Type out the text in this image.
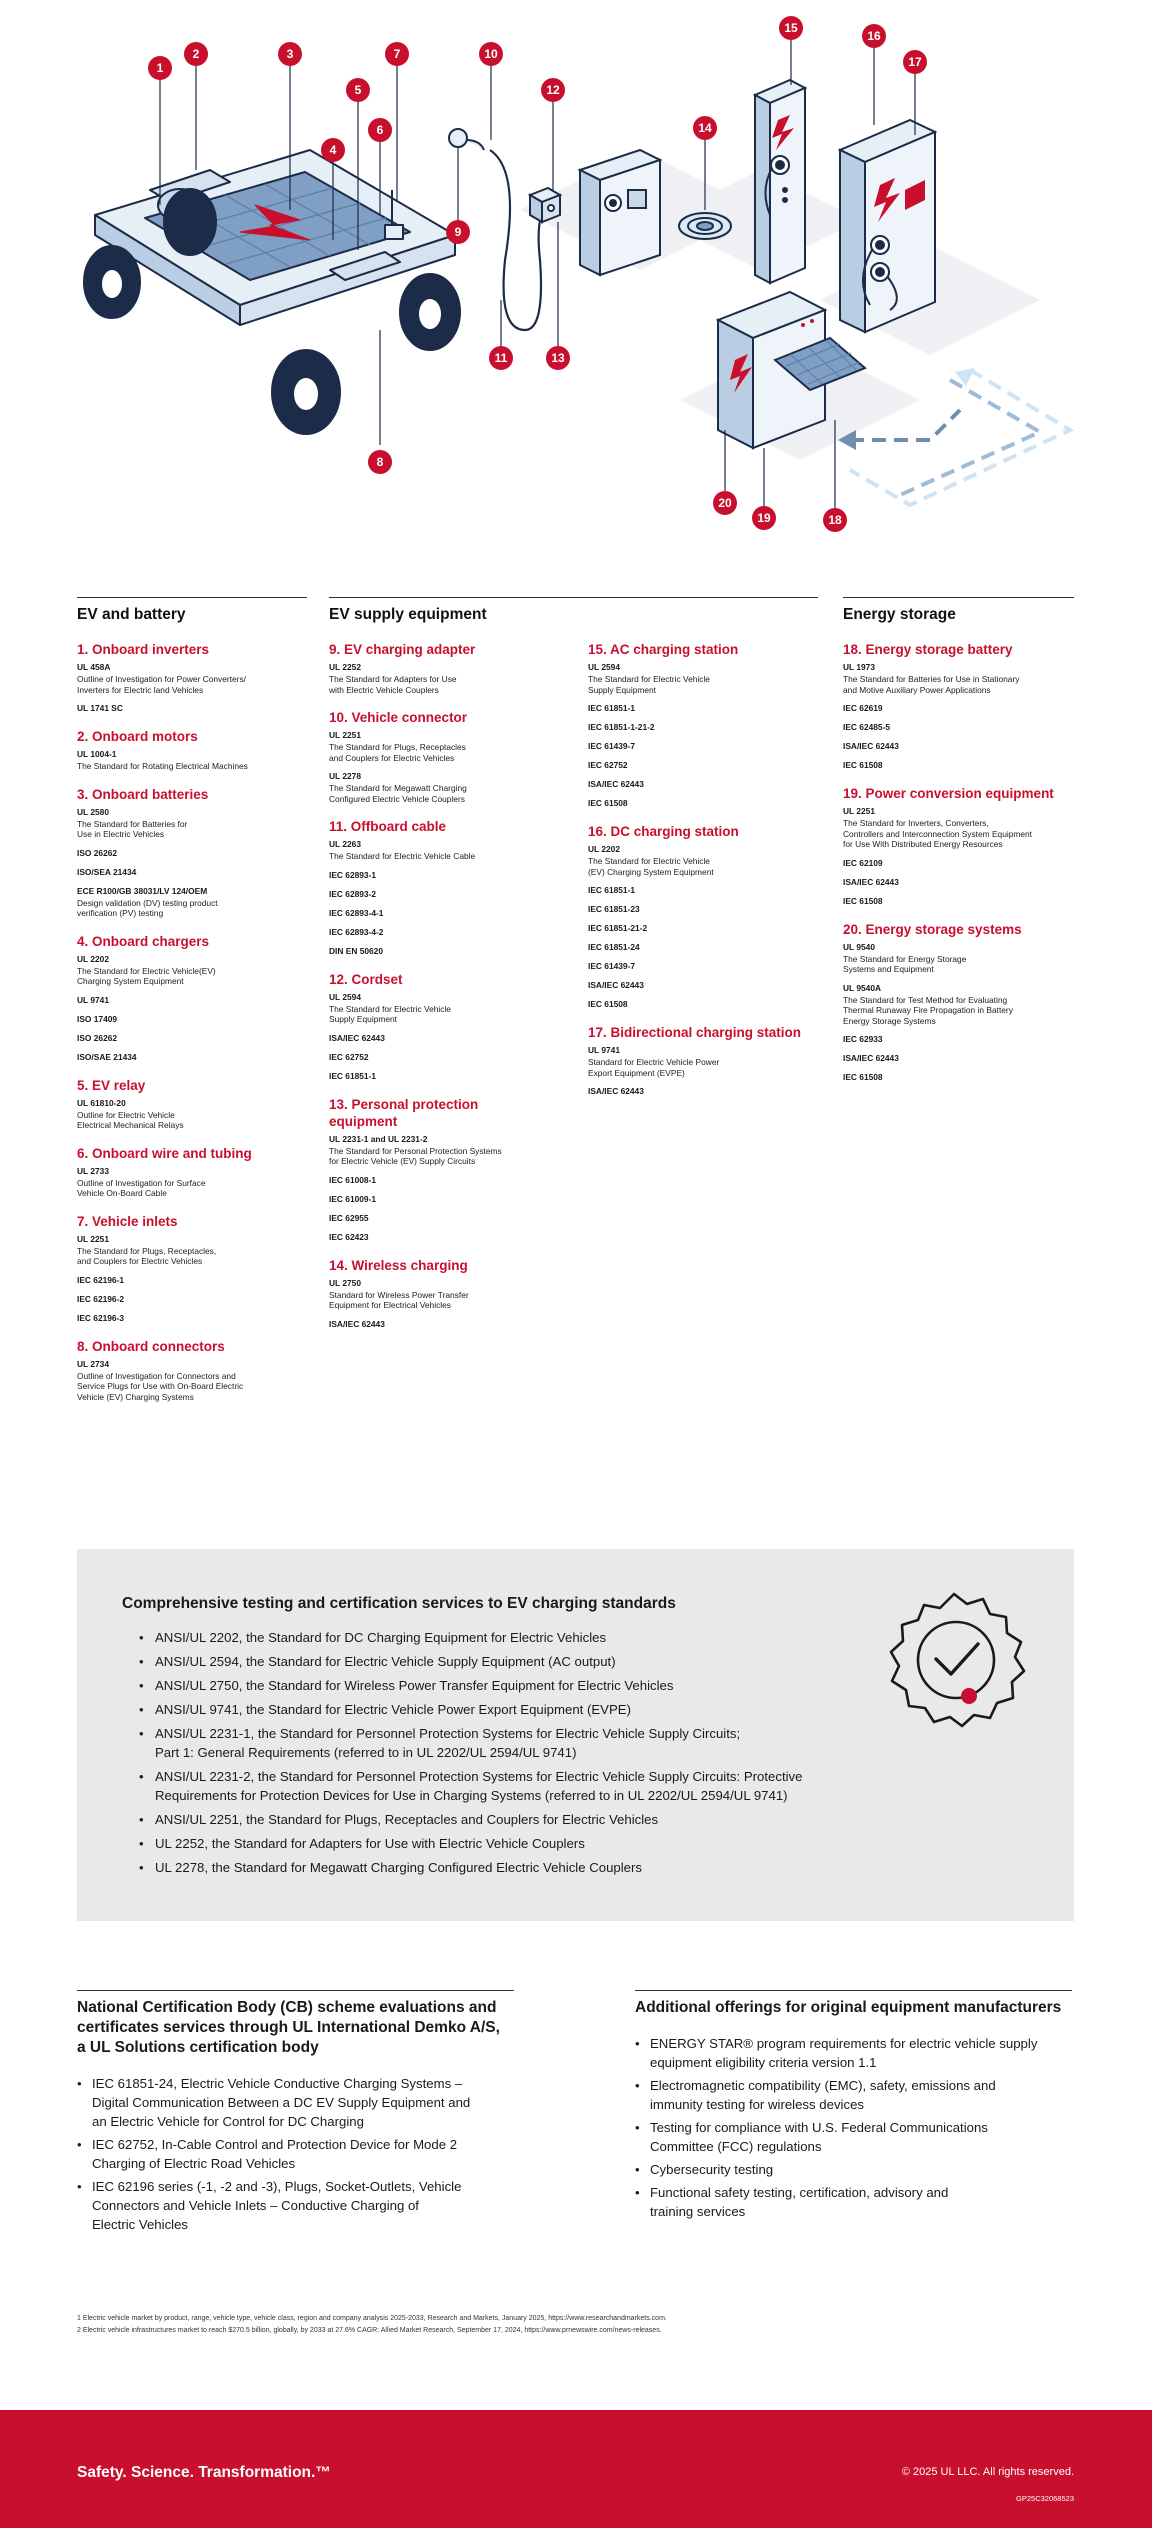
1
2	3
4
5
6
7
8
9
10
11
12
13
14
15
16
17
18
19
20
EV and battery
1. Onboard inverters
UL 458A
Outline of Investigation for Power Converters/
Inverters for Electric land Vehicles
UL 1741 SC
2. Onboard motors
UL 1004-1
The Standard for Rotating Electrical Machines
3. Onboard batteries
UL 2580
The Standard for Batteries for
Use in Electric Vehicles
ISO 26262
ISO/SEA 21434
ECE R100/GB 38031/LV 124/OEM
Design validation (DV) testing product
verification (PV) testing
4. Onboard chargers
UL 2202
The Standard for Electric Vehicle(EV)
Charging System Equipment
UL 9741
ISO 17409
ISO 26262
ISO/SAE 21434
5. EV relay
UL 61810-20
Outline for Electric Vehicle
Electrical Mechanical Relays
6. Onboard wire and tubing
UL 2733
Outline of Investigation for Surface
Vehicle On-Board Cable
7. Vehicle inlets
UL 2251
The Standard for Plugs, Receptacles,
and Couplers for Electric Vehicles
IEC 62196-1
IEC 62196-2
IEC 62196-3
8. Onboard connectors
UL 2734
Outline of Investigation for Connectors and
Service Plugs for Use with On-Board Electric
Vehicle (EV) Charging Systems
EV supply equipment
9. EV charging adapter
UL 2252
The Standard for Adapters for Use
with Electric Vehicle Couplers
10. Vehicle connector
UL 2251
The Standard for Plugs, Receptacles
and Couplers for Electric Vehicles
UL 2278
The Standard for Megawatt Charging
Configured Electric Vehicle Couplers
11. Offboard cable
UL 2263
The Standard for Electric Vehicle Cable
IEC 62893-1
IEC 62893-2
IEC 62893-4-1
IEC 62893-4-2
DIN EN 50620
12. Cordset
UL 2594
The Standard for Electric Vehicle
Supply Equipment
ISA/IEC 62443
IEC 62752
IEC 61851-1
13. Personal protection
equipment
UL 2231-1 and UL 2231-2
The Standard for Personal Protection Systems
for Electric Vehicle (EV) Supply Circuits
IEC 61008-1
IEC 61009-1
IEC 62955
IEC 62423
14. Wireless charging
UL 2750
Standard for Wireless Power Transfer
Equipment for Electrical Vehicles
ISA/IEC 62443
15. AC charging station
UL 2594
The Standard for Electric Vehicle
Supply Equipment
IEC 61851-1
IEC 61851-1-21-2
IEC 61439-7
IEC 62752
ISA/IEC 62443
IEC 61508
16. DC charging station
UL 2202
The Standard for Electric Vehicle
(EV) Charging System Equipment
IEC 61851-1
IEC 61851-23
IEC 61851-21-2
IEC 61851-24
IEC 61439-7
ISA/IEC 62443
IEC 61508
17. Bidirectional charging station
UL 9741
Standard for Electric Vehicle Power
Export Equipment (EVPE)
ISA/IEC 62443
Energy storage
18. Energy storage battery
UL 1973
The Standard for Batteries for Use in Stationary
and Motive Auxiliary Power Applications
IEC 62619
IEC 62485-5
ISA/IEC 62443
IEC 61508
19. Power conversion equipment
UL 2251
The Standard for Inverters, Converters,
Controllers and Interconnection System Equipment
for Use With Distributed Energy Resources
IEC 62109
ISA/IEC 62443
IEC 61508
20. Energy storage systems
UL 9540
The Standard for Energy Storage
Systems and Equipment
UL 9540A
The Standard for Test Method for Evaluating
Thermal Runaway Fire Propagation in Battery
Energy Storage Systems
IEC 62933
ISA/IEC 62443
IEC 61508
Comprehensive testing and certification services to EV charging standards
• ANSI/UL 2202, the Standard for DC Charging Equipment for Electric Vehicles
• ANSI/UL 2594, the Standard for Electric Vehicle Supply Equipment (AC output)
• ANSI/UL 2750, the Standard for Wireless Power Transfer Equipment for Electric Vehicles
• ANSI/UL 9741, the Standard for Electric Vehicle Power Export Equipment (EVPE)
• ANSI/UL 2231-1, the Standard for Personnel Protection Systems for Electric Vehicle Supply Circuits;
Part 1: General Requirements (referred to in UL 2202/UL 2594/UL 9741)
• ANSI/UL 2231-2, the Standard for Personnel Protection Systems for Electric Vehicle Supply Circuits: Protective
Requirements for Protection Devices for Use in Charging Systems (referred to in UL 2202/UL 2594/UL 9741)
• ANSI/UL 2251, the Standard for Plugs, Receptacles and Couplers for Electric Vehicles
• UL 2252, the Standard for Adapters for Use with Electric Vehicle Couplers
• UL 2278, the Standard for Megawatt Charging Configured Electric Vehicle Couplers
National Certification Body (CB) scheme evaluations and
certificates services through UL International Demko A/S,
a UL Solutions certification body
• IEC 61851-24, Electric Vehicle Conductive Charging Systems –
Digital Communication Between a DC EV Supply Equipment and
an Electric Vehicle for Control for DC Charging
• IEC 62752, In-Cable Control and Protection Device for Mode 2
Charging of Electric Road Vehicles
• IEC 62196 series (-1, -2 and -3), Plugs, Socket-Outlets, Vehicle
Connectors and Vehicle Inlets – Conductive Charging of
Electric Vehicles
Additional offerings for original equipment manufacturers
• ENERGY STAR® program requirements for electric vehicle supply
equipment eligibility criteria version 1.1
• Electromagnetic compatibility (EMC), safety, emissions and
immunity testing for wireless devices
• Testing for compliance with U.S. Federal Communications
Committee (FCC) regulations
• Cybersecurity testing
• Functional safety testing, certification, advisory and
training services

1 Electric vehicle market by product, range, vehicle type, vehicle class, region and company analysis 2025-2033, Research and Markets, January 2025, https://www.researchandmarkets.com.

2 Electric vehicle infrastructures market to reach $270.5 billion, globally, by 2033 at 27.6% CAGR: Allied Market Research, September 17, 2024, https://www.prnewswire.com/news-releases.

Safety. Science. Transformation.™	© 2025 UL LLC. All rights reserved.
GP25C32068523
